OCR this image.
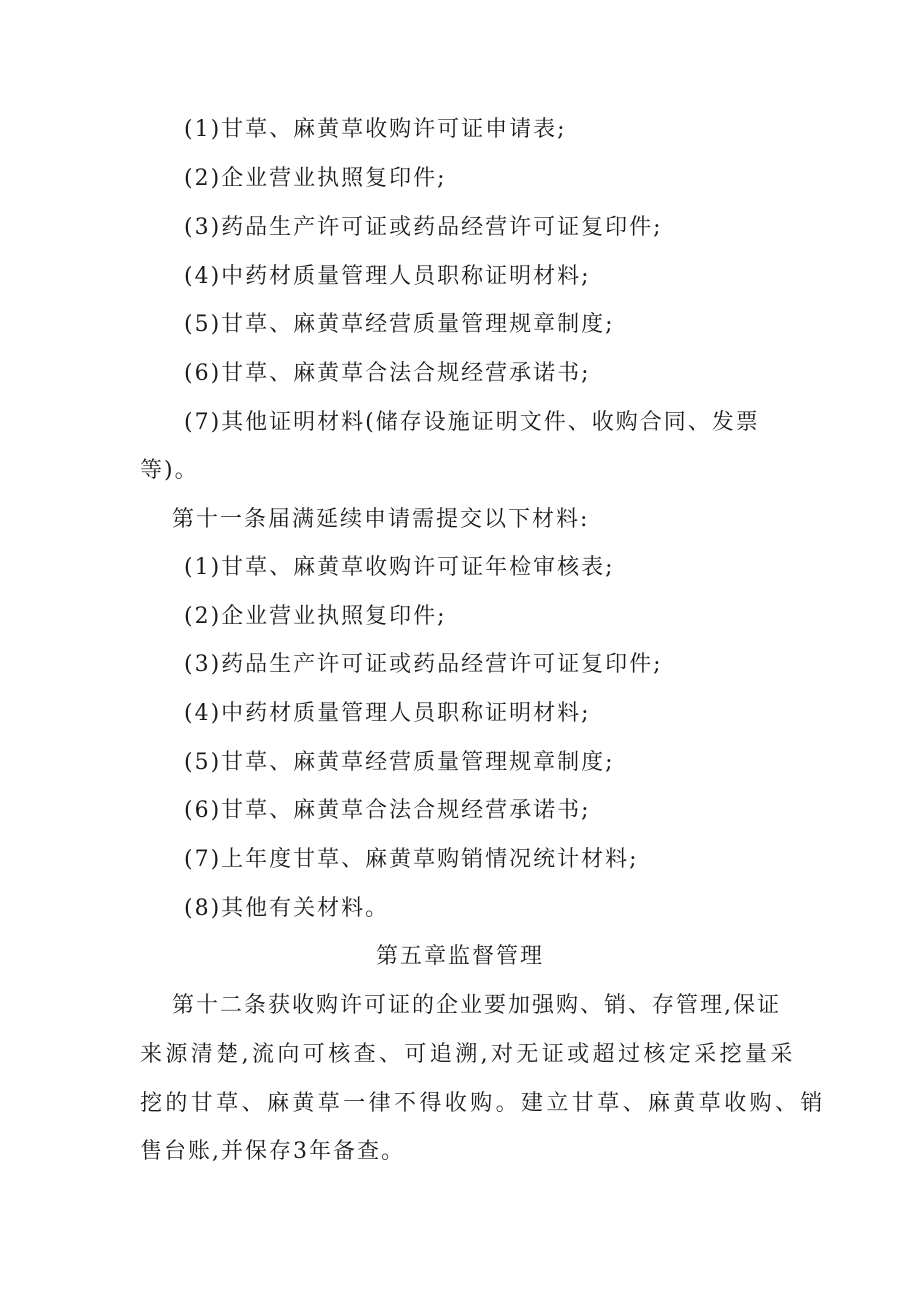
(1)甘草、麻黄草收购许可证申请表;
(2)企业营业执照复印件;
(3)药品生产许可证或药品经营许可证复印件;
(4)中药材质量管理人员职称证明材料;
(5)甘草、麻黄草经营质量管理规章制度;
(6)甘草、麻黄草合法合规经营承诺书;
(7)其他证明材料(储存设施证明文件、收购合同、发票
等)。
第十一条届满延续申请需提交以下材料:
(1)甘草、麻黄草收购许可证年检审核表;
(2)企业营业执照复印件;
(3)药品生产许可证或药品经营许可证复印件;
(4)中药材质量管理人员职称证明材料;
(5)甘草、麻黄草经营质量管理规章制度;
(6)甘草、麻黄草合法合规经营承诺书;
(7)上年度甘草、麻黄草购销情况统计材料;
(8)其他有关材料。
第五章监督管理
第十二条获收购许可证的企业要加强购、销、存管理,保证
来源清楚,流向可核查、可追溯,对无证或超过核定采挖量采
挖的甘草、麻黄草一律不得收购。建立甘草、麻黄草收购、销
售台账,并保存3年备查。
